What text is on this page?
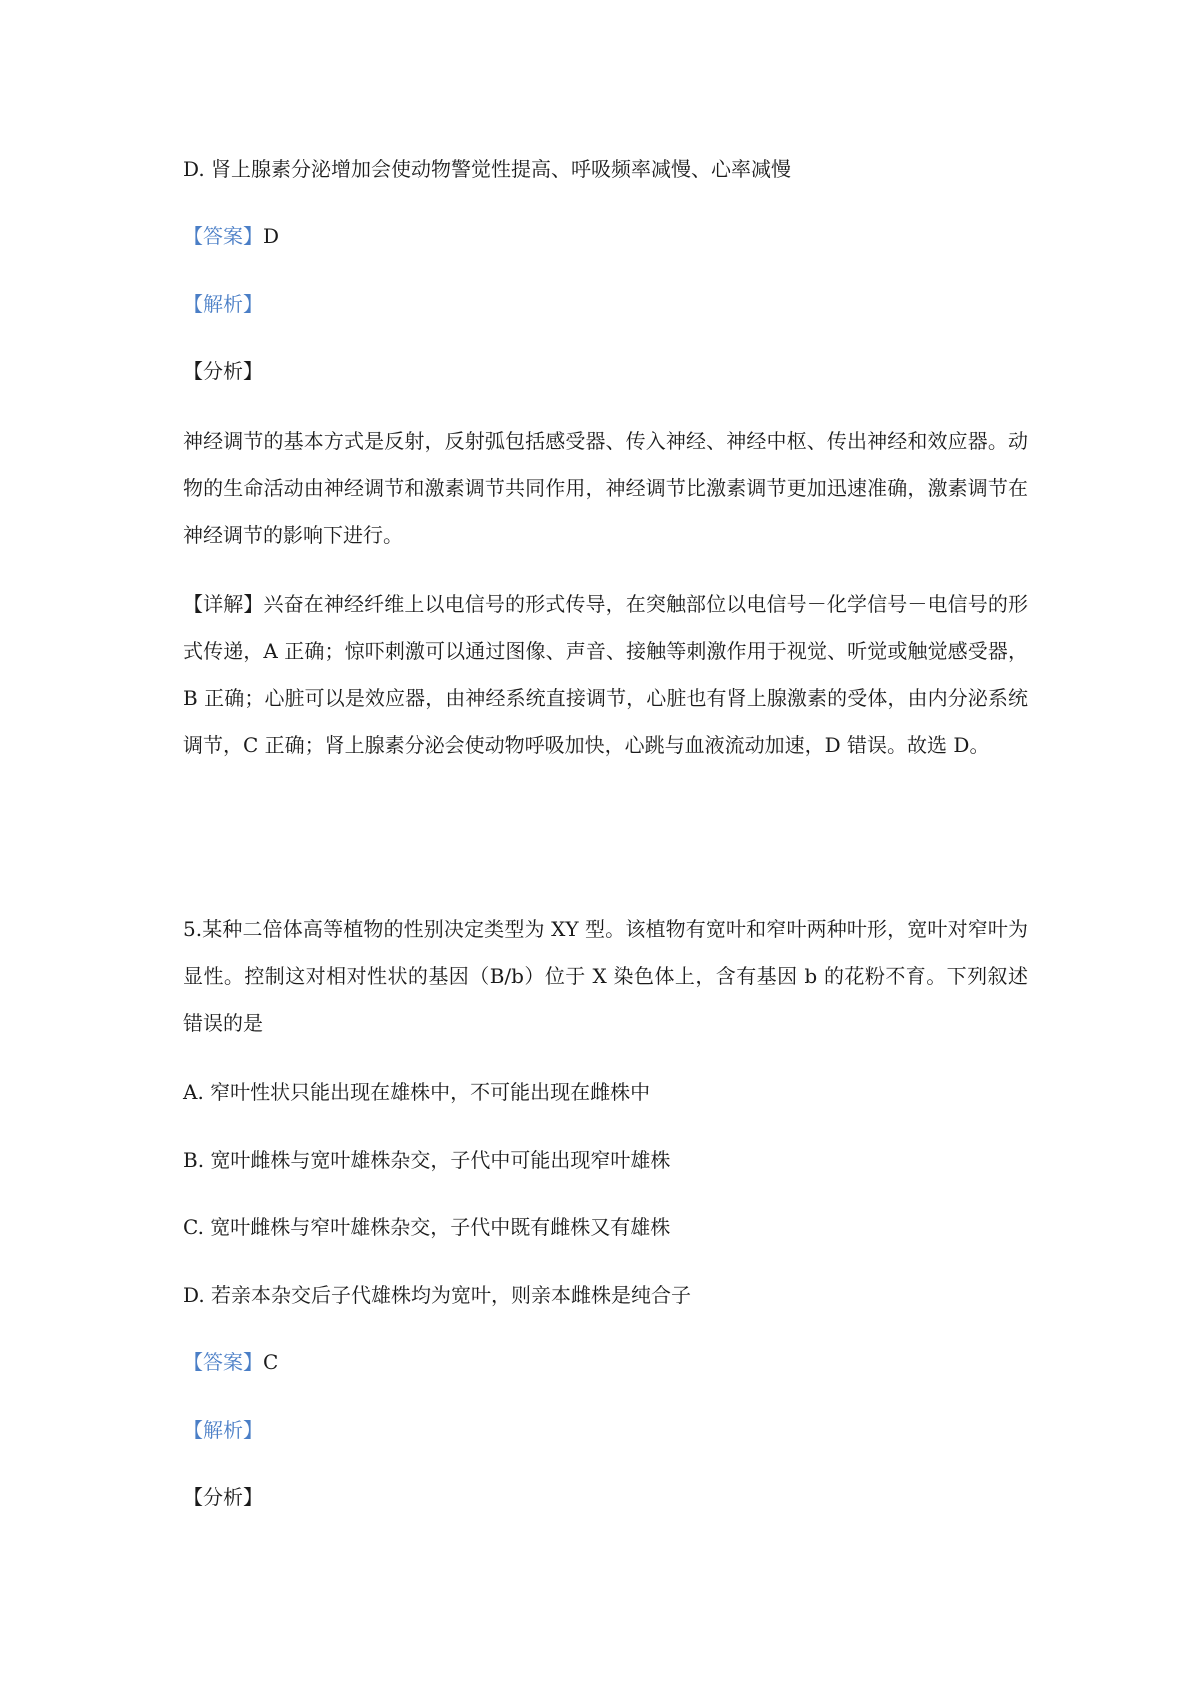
D. 肾上腺素分泌增加会使动物警觉性提高、呼吸频率减慢、心率减慢
【答案】D
【解析】
【分析】
神经调节的基本方式是反射，反射弧包括感受器、传入神经、神经中枢、传出神经和效应器。动物的生命活动由神经调节和激素调节共同作用，神经调节比激素调节更加迅速准确，激素调节在神经调节的影响下进行。
【详解】兴奋在神经纤维上以电信号的形式传导，在突触部位以电信号－化学信号－电信号的形式传递，A 正确；惊吓刺激可以通过图像、声音、接触等刺激作用于视觉、听觉或触觉感受器，B 正确；心脏可以是效应器，由神经系统直接调节，心脏也有肾上腺激素的受体，由内分泌系统调节，C 正确；肾上腺素分泌会使动物呼吸加快，心跳与血液流动加速，D 错误。故选 D。
5.某种二倍体高等植物的性别决定类型为 XY 型。该植物有宽叶和窄叶两种叶形，宽叶对窄叶为显性。控制这对相对性状的基因（B/b）位于 X 染色体上，含有基因 b 的花粉不育。下列叙述错误的是
A. 窄叶性状只能出现在雄株中，不可能出现在雌株中
B. 宽叶雌株与宽叶雄株杂交，子代中可能出现窄叶雄株
C. 宽叶雌株与窄叶雄株杂交，子代中既有雌株又有雄株
D. 若亲本杂交后子代雄株均为宽叶，则亲本雌株是纯合子
【答案】C
【解析】
【分析】
